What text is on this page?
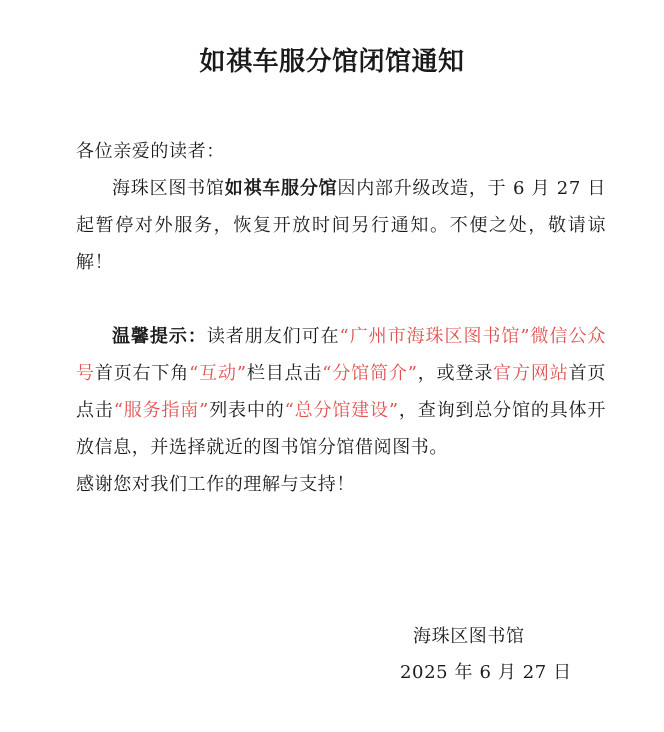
如祺车服分馆闭馆通知

各位亲爱的读者：

海珠区图书馆如祺车服分馆因内部升级改造，于 6 月 27 日起暂停对外服务，恢复开放时间另行通知。不便之处，敬请谅解！

温馨提示：读者朋友们可在“广州市海珠区图书馆”微信公众号首页右下角“互动”栏目点击“分馆简介”，或登录官方网站首页点击“服务指南”列表中的“总分馆建设”，查询到总分馆的具体开放信息，并选择就近的图书馆分馆借阅图书。

感谢您对我们工作的理解与支持！

海珠区图书馆
2025 年 6 月 27 日
